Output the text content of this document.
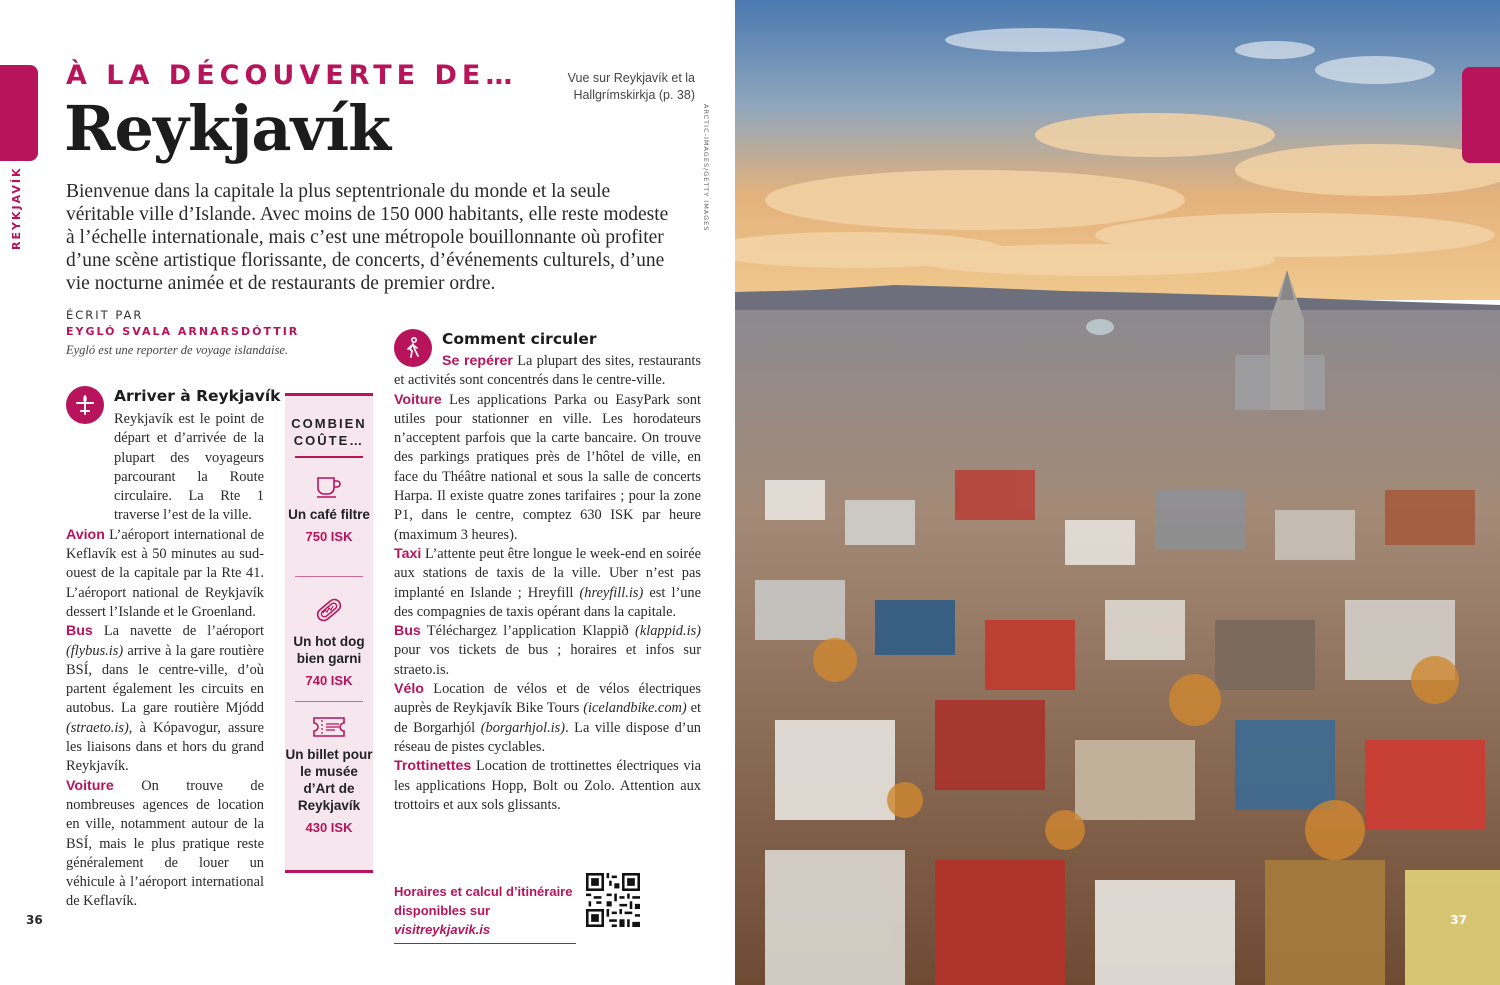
REYKJAVÍK
À LA DÉCOUVERTE DE…
Reykjavík
Vue sur Reykjavík et la Hallgrímskirkja (p. 38)
ARCTIC-IMAGES/GETTY IMAGES
Bienvenue dans la capitale la plus septentrionale du monde et la seule véritable ville d’Islande. Avec moins de 150 000 habitants, elle reste modeste à l’échelle internationale, mais c’est une métropole bouillonnante où profiter d’une scène artistique florissante, de concerts, d’événements culturels, d’une vie nocturne animée et de restaurants de premier ordre.
ÉCRIT PAR
EYGLÓ SVALA ARNARSDÓTTIR
Eygló est une reporter de voyage islandaise.
Arriver à Reykjavík
Reykjavík est le point de départ et d’arrivée de la plupart des voyageurs parcourant la Route circulaire. La Rte 1 traverse l’est de la ville.
Avion L’aéroport international de Keflavík est à 50 minutes au sud-ouest de la capitale par la Rte 41. L’aéroport national de Reykjavík dessert l’Islande et le Groenland.
Bus La navette de l’aéroport (flybus.is) arrive à la gare routière BSÍ, dans le centre-ville, d’où partent également les circuits en autobus. La gare routière Mjódd (straeto.is), à Kópavogur, assure les liaisons dans et hors du grand Reykjavík.
Voiture On trouve de nombreuses agences de location en ville, notamment autour de la BSÍ, mais le plus pratique reste généralement de louer un véhicule à l’aéroport international de Keflavík.
COMBIEN COÛTE…
Un café filtre
750 ISK
Un hot dog bien garni
740 ISK
Un billet pour le musée d’Art de Reykjavík
430 ISK
Comment circuler
Se repérer La plupart des sites, restaurants et activités sont concentrés dans le centre-ville.
Voiture Les applications Parka ou EasyPark sont utiles pour stationner en ville. Les horodateurs n’acceptent parfois que la carte bancaire. On trouve des parkings pratiques près de l’hôtel de ville, en face du Théâtre national et sous la salle de concerts Harpa. Il existe quatre zones tarifaires ; pour la zone P1, dans le centre, comptez 630 ISK par heure (maximum 3 heures).
Taxi L’attente peut être longue le week-end en soirée aux stations de taxis de la ville. Uber n’est pas implanté en Islande ; Hreyfill (hreyfill.is) est l’une des compagnies de taxis opérant dans la capitale.
Bus Téléchargez l’application Klappið (klappid.is) pour vos tickets de bus ; horaires et infos sur straeto.is.
Vélo Location de vélos et de vélos électriques auprès de Reykjavík Bike Tours (icelandbike.com) et de Borgarhjól (borgarhjol.is). La ville dispose d’un réseau de pistes cyclables.
Trottinettes Location de trottinettes électriques via les applications Hopp, Bolt ou Zolo. Attention aux trottoirs et aux sols glissants.
Horaires et calcul d’itinéraire
disponibles sur visitreykjavik.is
36	37
